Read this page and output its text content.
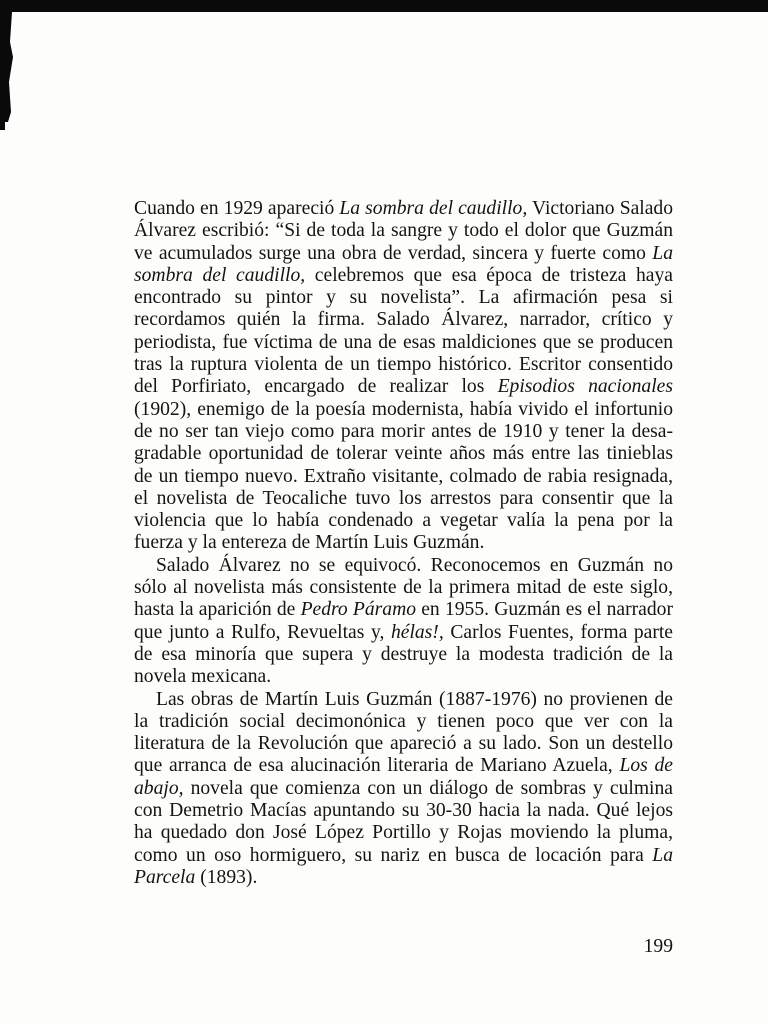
Cuando en 1929 apareció La sombra del caudillo, Victoriano Salado Álvarez escribió: “Si de toda la sangre y todo el dolor que Guzmán ve acumulados surge una obra de verdad, sincera y fuerte como La sombra del caudillo, celebremos que esa época de tristeza haya encontrado su pintor y su novelista”. La afirmación pesa si recordamos quién la firma. Salado Álvarez, narrador, crítico y periodista, fue víctima de una de esas maldiciones que se producen tras la ruptura violenta de un tiempo histórico. Escritor consentido del Porfiriato, encargado de realizar los Episodios nacionales (1902), enemigo de la poesía modernista, había vivido el infortunio de no ser tan viejo como para morir antes de 1910 y tener la desagradable oportunidad de tolerar veinte años más entre las tinieblas de un tiempo nuevo. Extraño visitante, colmado de rabia resignada, el novelista de Teocaliche tuvo los arrestos para consentir que la violencia que lo había condenado a vegetar valía la pena por la fuerza y la entereza de Martín Luis Guzmán.

Salado Álvarez no se equivocó. Reconocemos en Guzmán no sólo al novelista más consistente de la primera mitad de este siglo, hasta la aparición de Pedro Páramo en 1955. Guzmán es el narrador que junto a Rulfo, Revueltas y, hélas!, Carlos Fuentes, forma parte de esa minoría que supera y destruye la modesta tradición de la novela mexicana.

Las obras de Martín Luis Guzmán (1887-1976) no provienen de la tradición social decimonónica y tienen poco que ver con la literatura de la Revolución que apareció a su lado. Son un destello que arranca de esa alucinación literaria de Mariano Azuela, Los de abajo, novela que comienza con un diálogo de sombras y culmina con Demetrio Macías apuntando su 30-30 hacia la nada. Qué lejos ha quedado don José López Portillo y Rojas moviendo la pluma, como un oso hormiguero, su nariz en busca de locación para La Parcela (1893).

199
